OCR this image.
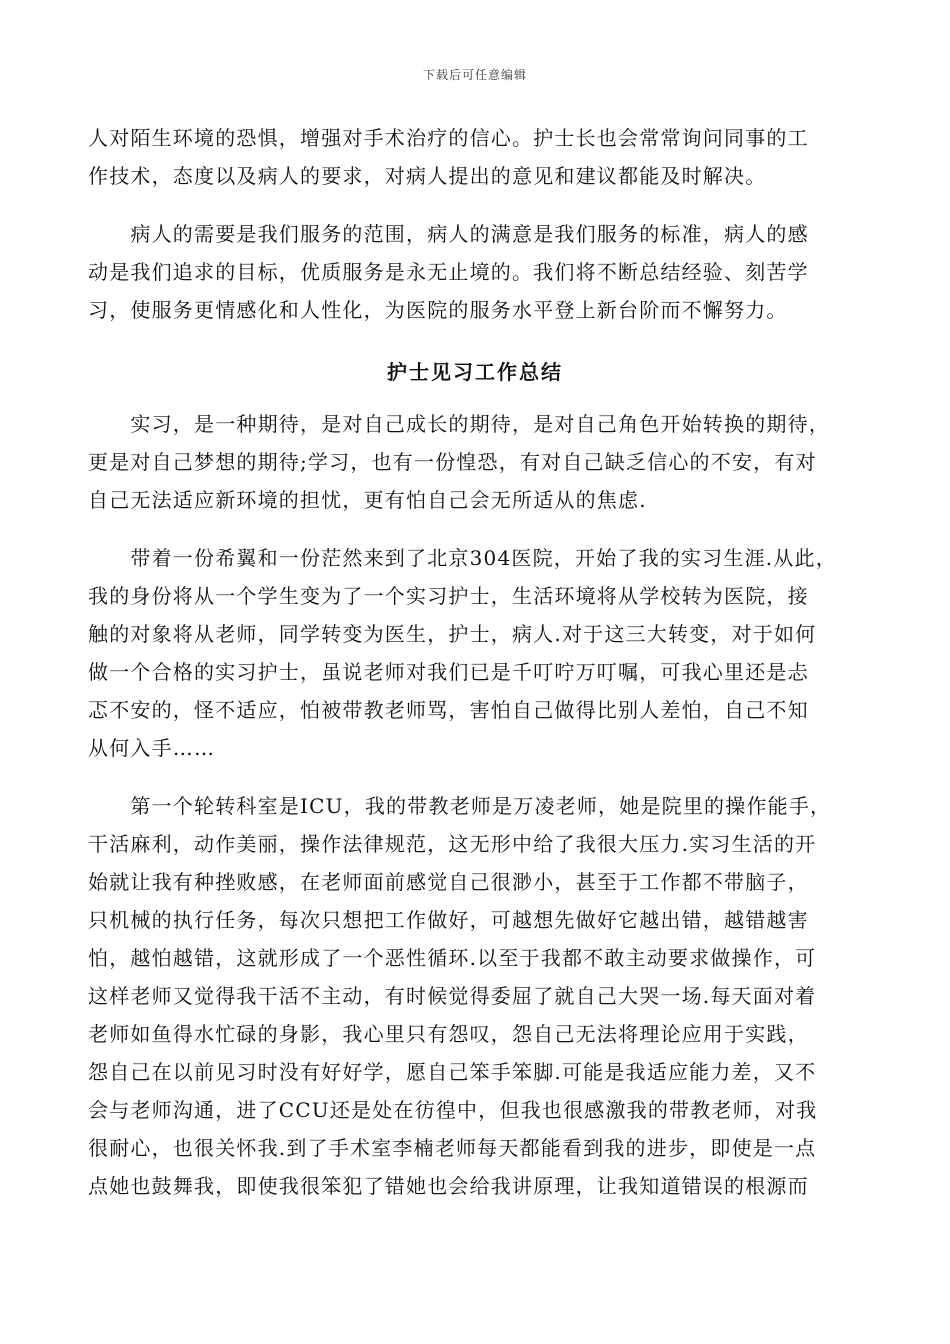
下载后可任意编辑
人对陌生环境的恐惧，增强对手术治疗的信心。护士长也会常常询问同事的工
作技术，态度以及病人的要求，对病人提出的意见和建议都能及时解决。
　　病人的需要是我们服务的范围，病人的满意是我们服务的标准，病人的感
动是我们追求的目标，优质服务是永无止境的。我们将不断总结经验、刻苦学
习，使服务更情感化和人性化，为医院的服务水平登上新台阶而不懈努力。
　　实习，是一种期待，是对自己成长的期待，是对自己角色开始转换的期待，
更是对自己梦想的期待;学习，也有一份惶恐，有对自己缺乏信心的不安，有对
自己无法适应新环境的担忧，更有怕自己会无所适从的焦虑.
　　带着一份希翼和一份茫然来到了北京304医院，开始了我的实习生涯.从此，
我的身份将从一个学生变为了一个实习护士，生活环境将从学校转为医院，接
触的对象将从老师，同学转变为医生，护士，病人.对于这三大转变，对于如何
做一个合格的实习护士，虽说老师对我们已是千叮咛万叮嘱，可我心里还是忐
忑不安的，怪不适应，怕被带教老师骂，害怕自己做得比别人差怕，自己不知
从何入手……
　　第一个轮转科室是ICU，我的带教老师是万凌老师，她是院里的操作能手，
干活麻利，动作美丽，操作法律规范，这无形中给了我很大压力.实习生活的开
始就让我有种挫败感，在老师面前感觉自己很渺小，甚至于工作都不带脑子，
只机械的执行任务，每次只想把工作做好，可越想先做好它越出错，越错越害
怕，越怕越错，这就形成了一个恶性循环.以至于我都不敢主动要求做操作，可
这样老师又觉得我干活不主动，有时候觉得委屈了就自己大哭一场.每天面对着
老师如鱼得水忙碌的身影，我心里只有怨叹，怨自己无法将理论应用于实践，
怨自己在以前见习时没有好好学，愿自己笨手笨脚.可能是我适应能力差，又不
会与老师沟通，进了CCU还是处在彷徨中，但我也很感激我的带教老师，对我
很耐心，也很关怀我.到了手术室李楠老师每天都能看到我的进步，即使是一点
点她也鼓舞我，即使我很笨犯了错她也会给我讲原理，让我知道错误的根源而
护士见习工作总结
